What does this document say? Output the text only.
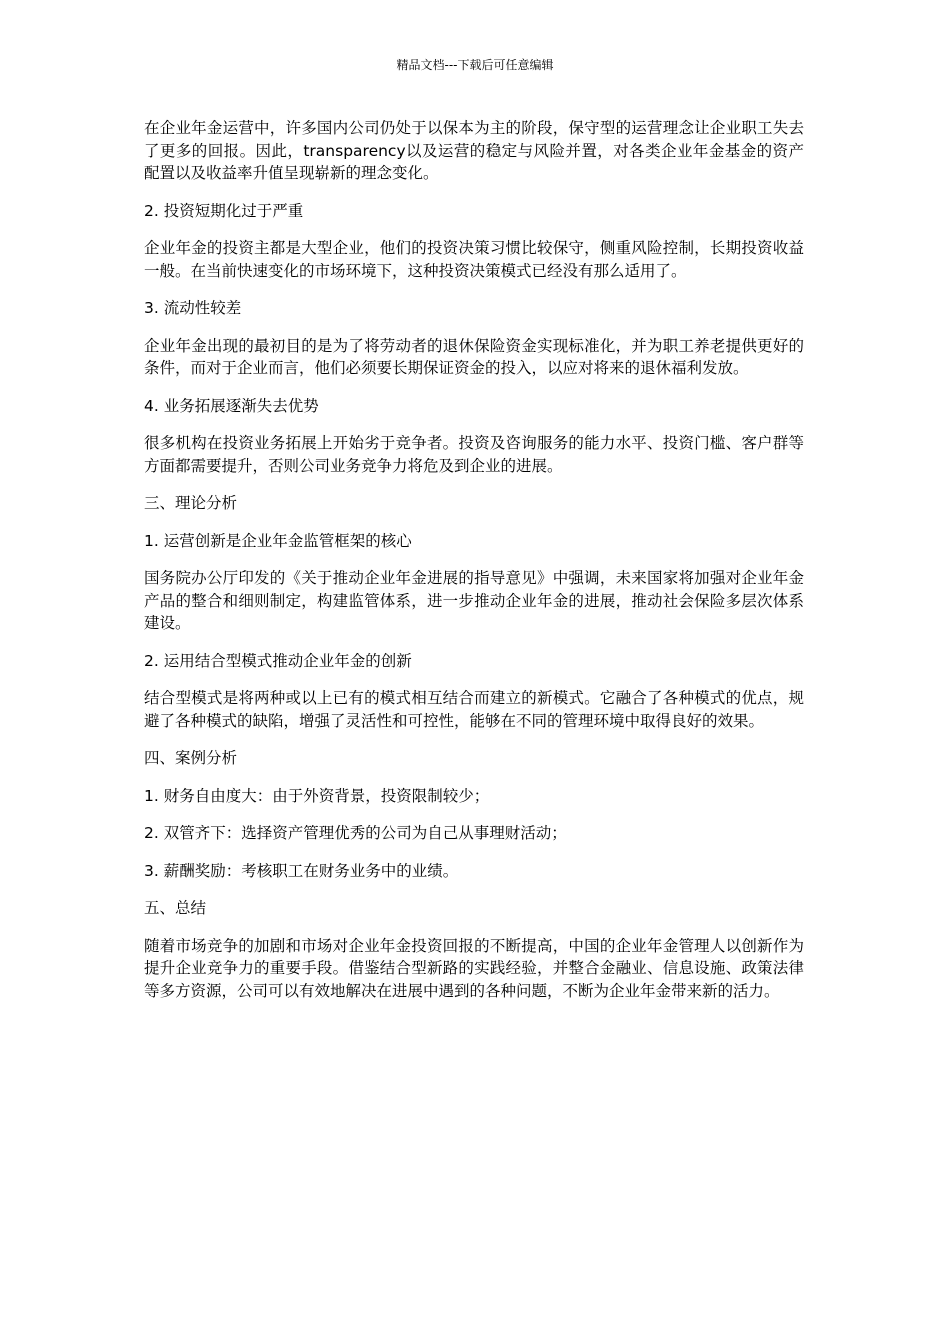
精品文档---下载后可任意编辑

在企业年金运营中，许多国内公司仍处于以保本为主的阶段，保守型的运营理念让企业职工失去了更多的回报。因此，transparency以及运营的稳定与风险并置，对各类企业年金基金的资产配置以及收益率升值呈现崭新的理念变化。

2. 投资短期化过于严重

企业年金的投资主都是大型企业，他们的投资决策习惯比较保守，侧重风险控制，长期投资收益一般。在当前快速变化的市场环境下，这种投资决策模式已经没有那么适用了。

3. 流动性较差

企业年金出现的最初目的是为了将劳动者的退休保险资金实现标准化，并为职工养老提供更好的条件，而对于企业而言，他们必须要长期保证资金的投入，以应对将来的退休福利发放。

4. 业务拓展逐渐失去优势

很多机构在投资业务拓展上开始劣于竞争者。投资及咨询服务的能力水平、投资门槛、客户群等方面都需要提升，否则公司业务竞争力将危及到企业的进展。

三、理论分析

1. 运营创新是企业年金监管框架的核心

国务院办公厅印发的《关于推动企业年金进展的指导意见》中强调，未来国家将加强对企业年金产品的整合和细则制定，构建监管体系，进一步推动企业年金的进展，推动社会保险多层次体系建设。

2. 运用结合型模式推动企业年金的创新

结合型模式是将两种或以上已有的模式相互结合而建立的新模式。它融合了各种模式的优点，规避了各种模式的缺陷，增强了灵活性和可控性，能够在不同的管理环境中取得良好的效果。

四、案例分析

1. 财务自由度大：由于外资背景，投资限制较少；

2. 双管齐下：选择资产管理优秀的公司为自己从事理财活动；

3. 薪酬奖励：考核职工在财务业务中的业绩。

五、总结

随着市场竞争的加剧和市场对企业年金投资回报的不断提高，中国的企业年金管理人以创新作为提升企业竞争力的重要手段。借鉴结合型新路的实践经验，并整合金融业、信息设施、政策法律等多方资源，公司可以有效地解决在进展中遇到的各种问题，不断为企业年金带来新的活力。
